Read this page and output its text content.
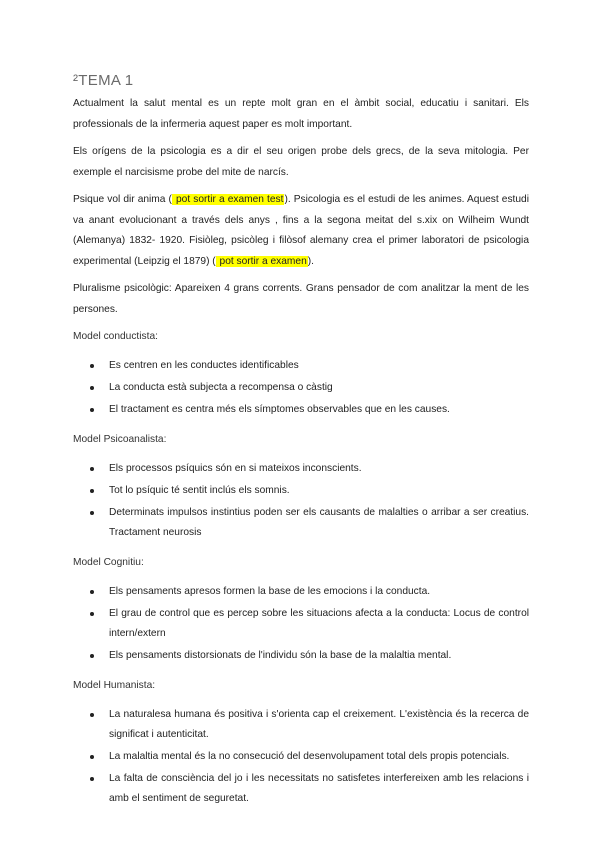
²TEMA 1

Actualment la salut mental es un repte molt gran en el àmbit social, educatiu i sanitari. Els professionals de la infermeria aquest paper es molt important.

Els orígens de la psicologia es a dir el seu origen probe dels grecs, de la seva mitologia. Per exemple el narcisisme probe del mite de narcís.

Psique vol dir anima ( pot sortir a examen test). Psicologia es el estudi de les animes. Aquest estudi va anant evolucionant a través dels anys , fins a la segona meitat del s.xix on Wilheim Wundt (Alemanya) 1832- 1920. Fisiòleg, psicòleg i filòsof alemany crea el primer laboratori de psicologia experimental (Leipzig el 1879) ( pot sortir a examen).

Pluralisme psicològic: Apareixen 4 grans corrents. Grans pensador de com analitzar la ment de les persones.

Model conductista:
Es centren en les conductes identificables
La conducta està subjecta a recompensa o càstig
El tractament es centra més els símptomes observables que en les causes.
Model Psicoanalista:
Els processos psíquics són en si mateixos inconscients.
Tot lo psíquic té sentit inclús els somnis.
Determinats impulsos instintius poden ser els causants de malalties o arribar a ser creatius. Tractament neurosis
Model Cognitiu:
Els pensaments apresos formen la base de les emocions i la conducta.
El grau de control que es percep sobre les situacions afecta a la conducta: Locus de control intern/extern
Els pensaments distorsionats de l'individu són la base de la malaltia mental.
Model Humanista:
La naturalesa humana és positiva i s'orienta cap el creixement. L'existència és la recerca de significat i autenticitat.
La malaltia mental és la no consecució del desenvolupament total dels propis potencials.
La falta de consciència del jo i les necessitats no satisfetes interfereixen amb les relacions i amb el sentiment de seguretat.
